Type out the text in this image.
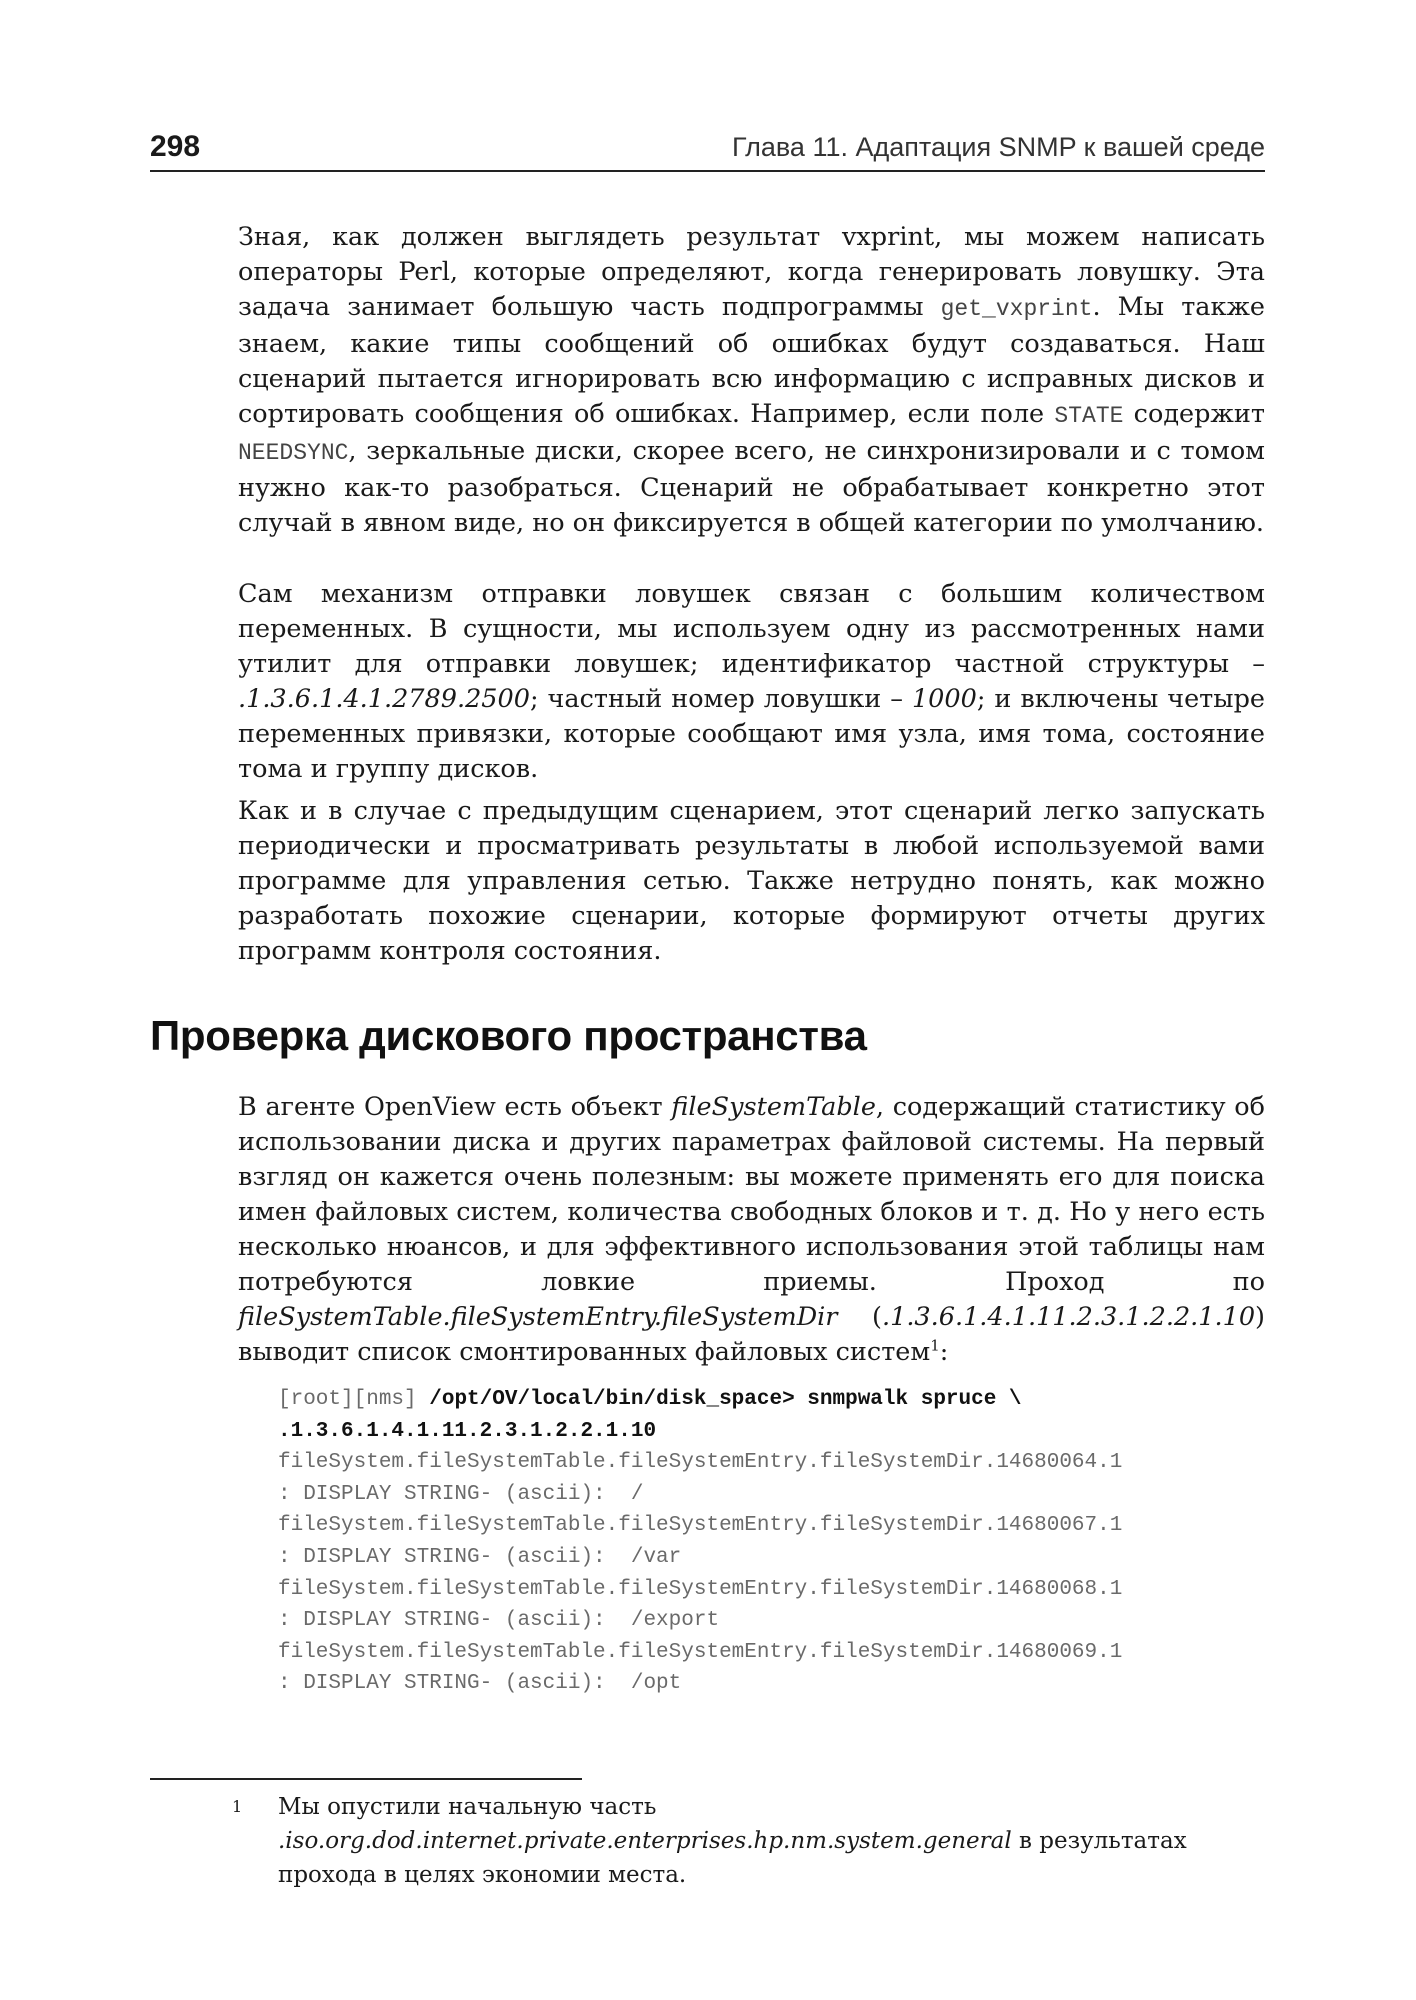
298	Глава 11. Адаптация SNMP к вашей среде

Зная, как должен выглядеть результат vxprint, мы можем написать операторы Perl, которые определяют, когда генерировать ловушку. Эта задача занимает большую часть подпрограммы get_vxprint. Мы также знаем, какие типы сообщений об ошибках будут создаваться. Наш сценарий пытается игнорировать всю информацию с исправных дисков и сортировать сообщения об ошибках. Например, если поле STATE содержит NEEDSYNC, зеркальные диски, скорее всего, не синхронизировали и с томом нужно как-то разобраться. Сценарий не обрабатывает конкретно этот случай в явном виде, но он фиксируется в общей категории по умолчанию.

Сам механизм отправки ловушек связан с большим количеством переменных. В сущности, мы используем одну из рассмотренных нами утилит для отправки ловушек; идентификатор частной структуры – .1.3.6.1.4.1.2789.2500; частный номер ловушки – 1000; и включены четыре переменных привязки, которые сообщают имя узла, имя тома, состояние тома и группу дисков.

Как и в случае с предыдущим сценарием, этот сценарий легко запускать периодически и просматривать результаты в любой используемой вами программе для управления сетью. Также нетрудно понять, как можно разработать похожие сценарии, которые формируют отчеты других программ контроля состояния.

Проверка дискового пространства

В агенте OpenView есть объект fileSystemTable, содержащий статистику об использовании диска и других параметрах файловой системы. На первый взгляд он кажется очень полезным: вы можете применять его для поиска имен файловых систем, количества свободных блоков и т. д. Но у него есть несколько нюансов, и для эффективного использования этой таблицы нам потребуются ловкие приемы. Проход по fileSystemTable.fileSystemEntry.fileSystemDir (.1.3.6.1.4.1.11.2.3.1.2.2.1.10) выводит список смонтированных файловых систем$^1$:

[root][nms] /opt/OV/local/bin/disk_space> snmpwalk spruce \
.1.3.6.1.4.1.11.2.3.1.2.2.1.10
fileSystem.fileSystemTable.fileSystemEntry.fileSystemDir.14680064.1
: DISPLAY STRING- (ascii):  /
fileSystem.fileSystemTable.fileSystemEntry.fileSystemDir.14680067.1
: DISPLAY STRING- (ascii):  /var
fileSystem.fileSystemTable.fileSystemEntry.fileSystemDir.14680068.1
: DISPLAY STRING- (ascii):  /export
fileSystem.fileSystemTable.fileSystemEntry.fileSystemDir.14680069.1
: DISPLAY STRING- (ascii):  /opt

1	Мы опустили начальную часть .iso.org.dod.internet.private.enterprises.hp.nm.system.general в результатах прохода в целях экономии места.
